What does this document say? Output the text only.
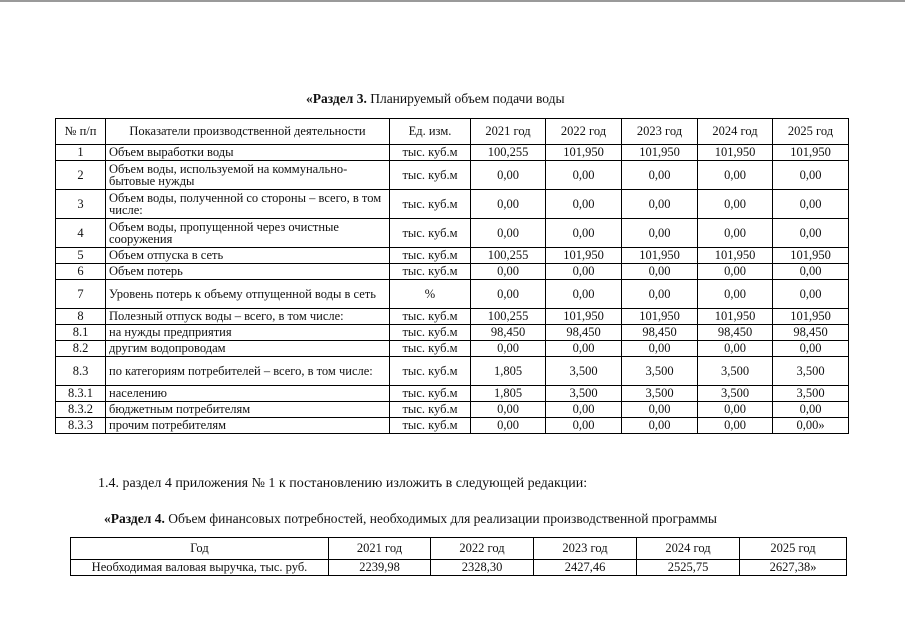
«Раздел 3. Планируемый объем подачи воды
№ п/п	Показатели производственной деятельности	Ед. изм.	2021 год	2022 год	2023 год	2024 год	2025 год
1	Объем выработки воды	тыс. куб.м	100,255	101,950	101,950	101,950	101,950
2	Объем воды, используемой на коммунально-бытовые нужды	тыс. куб.м	0,00	0,00	0,00	0,00	0,00
3	Объем воды, полученной со стороны – всего, в том числе:	тыс. куб.м	0,00	0,00	0,00	0,00	0,00
4	Объем воды, пропущенной через очистные сооружения	тыс. куб.м	0,00	0,00	0,00	0,00	0,00
5	Объем отпуска в сеть	тыс. куб.м	100,255	101,950	101,950	101,950	101,950
6	Объем потерь	тыс. куб.м	0,00	0,00	0,00	0,00	0,00
7	Уровень потерь к объему отпущенной воды в сеть	%	0,00	0,00	0,00	0,00	0,00
8	Полезный отпуск воды – всего, в том числе:	тыс. куб.м	100,255	101,950	101,950	101,950	101,950
8.1	на нужды предприятия	тыс. куб.м	98,450	98,450	98,450	98,450	98,450
8.2	другим водопроводам	тыс. куб.м	0,00	0,00	0,00	0,00	0,00
8.3	по категориям потребителей – всего, в том числе:	тыс. куб.м	1,805	3,500	3,500	3,500	3,500
8.3.1	населению	тыс. куб.м	1,805	3,500	3,500	3,500	3,500
8.3.2	бюджетным потребителям	тыс. куб.м	0,00	0,00	0,00	0,00	0,00
8.3.3	прочим потребителям	тыс. куб.м	0,00	0,00	0,00	0,00	0,00»
1.4. раздел 4 приложения № 1 к постановлению изложить в следующей редакции:
«Раздел 4. Объем финансовых потребностей, необходимых для реализации производственной программы
Год	2021 год	2022 год	2023 год	2024 год	2025 год
Необходимая валовая выручка, тыс. руб.	2239,98	2328,30	2427,46	2525,75	2627,38»
